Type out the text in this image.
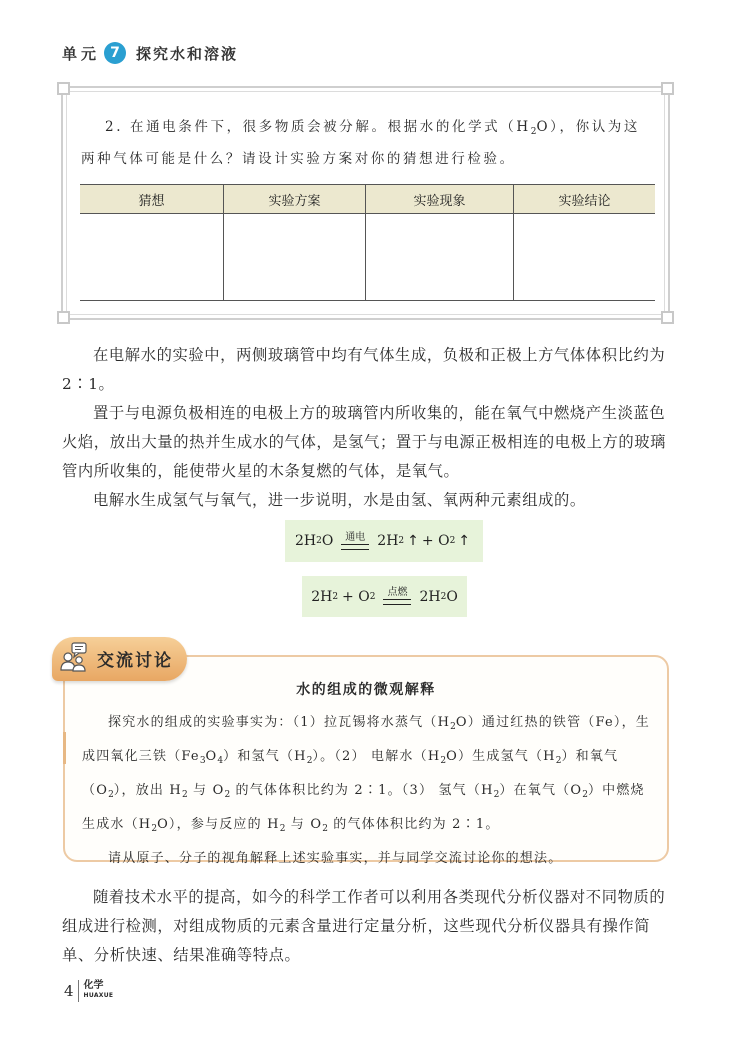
单元 7	探究水和溶液
2. 在通电条件下，很多物质会被分解。根据水的化学式$(H_2O)$，你认为这两种气体可能是什么？请设计实验方案对你的猜想进行检验。
猜想	实验方案	实验现象	实验结论

在电解水的实验中，两侧玻璃管中均有气体生成，负极和正极上方气体体积比约为 2∶1。
置于与电源负极相连的电极上方的玻璃管内所收集的，能在氧气中燃烧产生淡蓝色火焰，放出大量的热并生成水的气体，是氢气；置于与电源正极相连的电极上方的玻璃管内所收集的，能使带火星的木条复燃的气体，是氧气。
电解水生成氢气与氧气，进一步说明，水是由氢、氧两种元素组成的。
2H 2 O 通电 2H 2 ↑ + O 2 ↑
2H 2 + O 2 点燃 2H 2 O
交流讨论
水的组成的微观解释

探究水的组成的实验事实为：（1）拉瓦锡将水蒸气$(H_2O)$通过红热的铁管（Fe），生成四氧化三铁$(Fe_3O_4)$和氢气$(H_2)$。（2） 电解水$(H_2O)$生成氢气$(H_2)$和氧气$(O_2)$，放出 $H_2$ 与 $O_2$ 的气体体积比约为 2∶1。（3） 氢气$(H_2)$在氧气$(O_2)$中燃烧生成水$(H_2O)$，参与反应的 $H_2$ 与 $O_2$ 的气体体积比约为 2∶1。

请从原子、分子的视角解释上述实验事实，并与同学交流讨论你的想法。

随着技术水平的提高，如今的科学工作者可以利用各类现代分析仪器对不同物质的组成进行检测，对组成物质的元素含量进行定量分析，这些现代分析仪器具有操作简单、分析快速、结果准确等特点。
4 化学
HUAXUE
